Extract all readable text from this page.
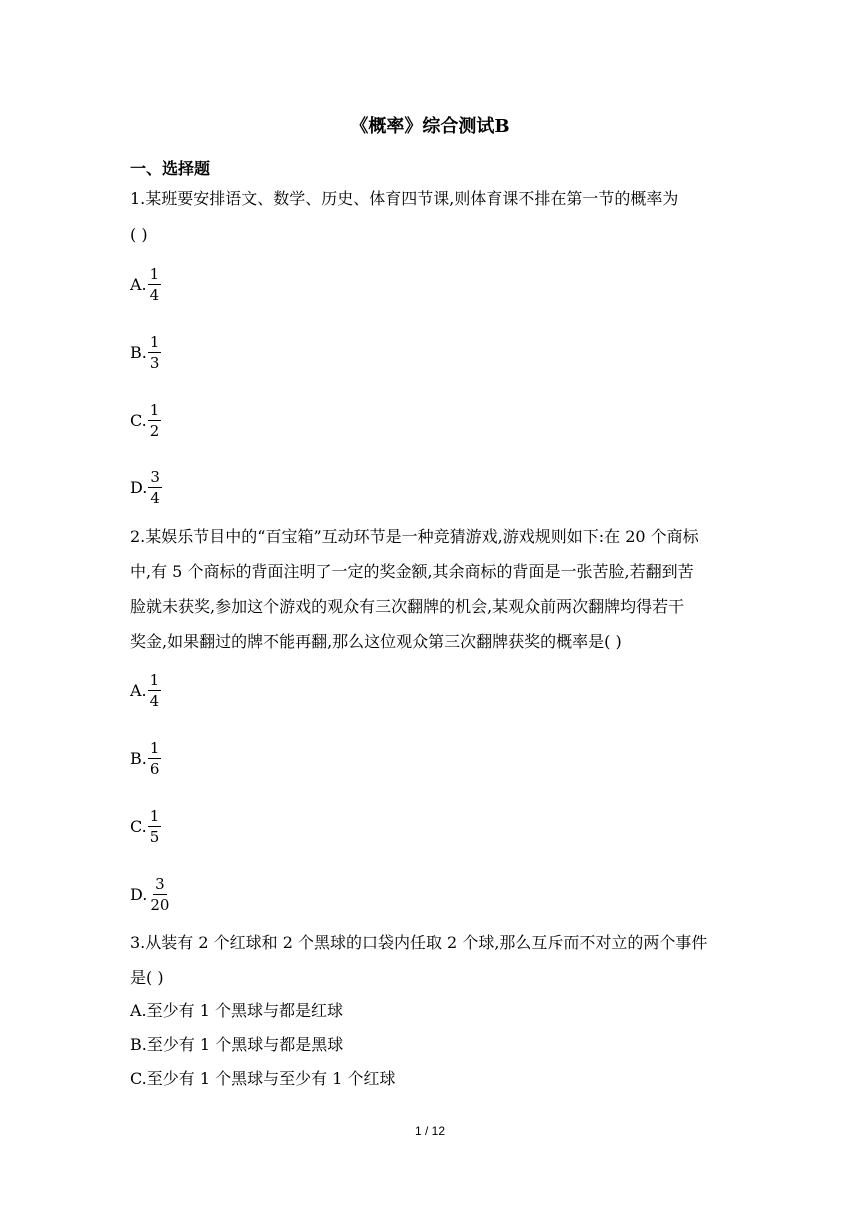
《概率》综合测试B
一、选择题
1.某班要安排语文、数学、历史、体育四节课,则体育课不排在第一节的概率为
( )
A. $\frac{1}{4}$
B. $\frac{1}{3}$
C. $\frac{1}{2}$
D. $\frac{3}{4}$
2.某娱乐节目中的“百宝箱”互动环节是一种竞猜游戏,游戏规则如下:在 20 个商标
中,有 5 个商标的背面注明了一定的奖金额,其余商标的背面是一张苦脸,若翻到苦
脸就未获奖,参加这个游戏的观众有三次翻牌的机会,某观众前两次翻牌均得若干
奖金,如果翻过的牌不能再翻,那么这位观众第三次翻牌获奖的概率是( )
A. $\frac{1}{4}$
B. $\frac{1}{6}$
C. $\frac{1}{5}$
D. $\frac{3}{20}$
3.从装有 2 个红球和 2 个黑球的口袋内任取 2 个球,那么互斥而不对立的两个事件
是( )
A.至少有 1 个黑球与都是红球
B.至少有 1 个黑球与都是黑球
C.至少有 1 个黑球与至少有 1 个红球
1 / 12
